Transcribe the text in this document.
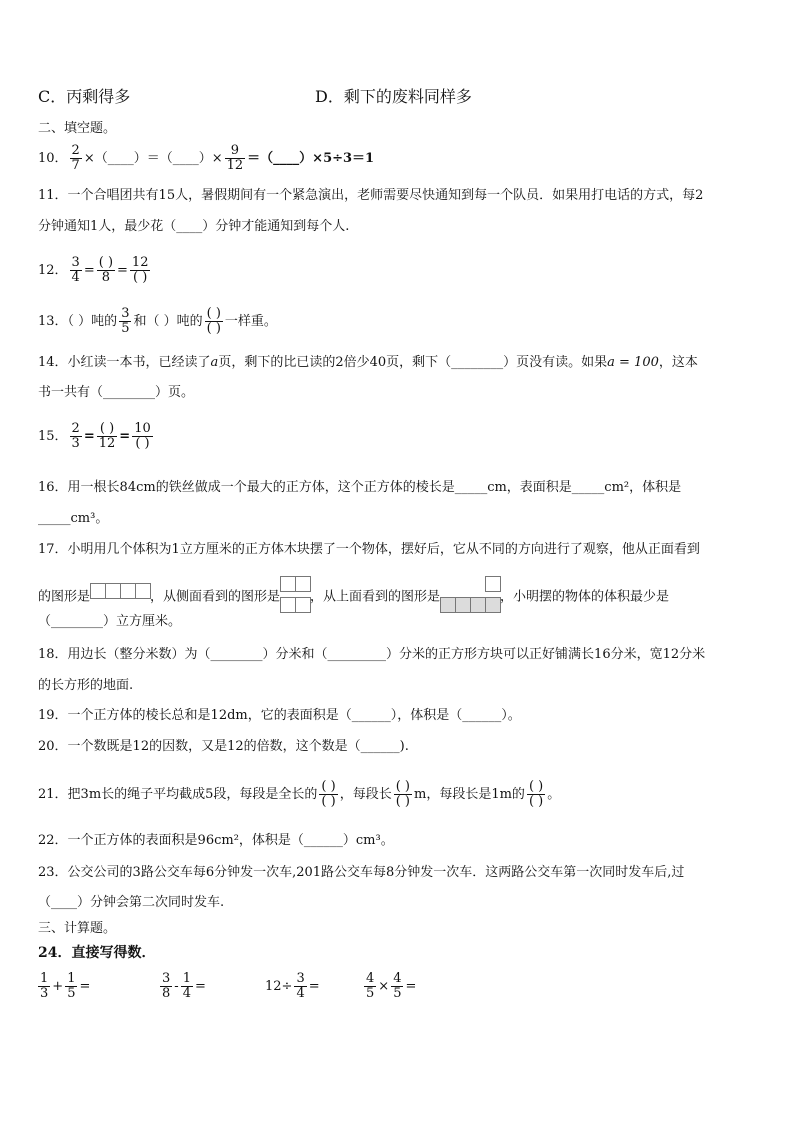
C．丙剩得多	D．剩下的废料同样多
二、填空题。
10． $\frac{2}{7}$ ×（____）＝（____）× $\frac{9}{12}$ ＝（____）×5÷3＝1
11．一个合唱团共有15人，暑假期间有一个紧急演出，老师需要尽快通知到每一个队员．如果用打电话的方式，每2
分钟通知1人，最少花（____）分钟才能通知到每个人.
12． $\frac{3}{4} = \frac{( )}{8} = \frac{12}{( )}$
13．（ ）吨的 $\frac{3}{5}$ 和（ ）吨的 $\frac{( )}{( )}$ 一样重。
14．小红读一本书，已经读了a页，剩下的比已读的2倍少40页，剩下（________）页没有读。如果a = 100，这本
书一共有（________）页。
15． $\frac{2}{3} = \frac{( )}{12} = \frac{10}{( )}$
16．用一根长84cm的铁丝做成一个最大的正方体，这个正方体的棱长是_____cm，表面积是_____cm²，体积是
_____cm³。
17．小明用几个体积为1立方厘米的正方体木块摆了一个物体，摆好后，它从不同的方向进行了观察，他从正面看到
的图形是	，从侧面看到的图形是 ，从上面看到的图形是	，小明摆的物体的体积最少是
（________）立方厘米。
18．用边长（整分米数）为（________）分米和（_________）分米的正方形方块可以正好铺满长16分米，宽12分米
的长方形的地面.
19．一个正方体的棱长总和是12dm，它的表面积是（______），体积是（______）。
20．一个数既是12的因数，又是12的倍数，这个数是（______).
21．把3m长的绳子平均截成5段，每段是全长的 $\frac{( )}{( )}$ ，每段长 $\frac{( )}{( )}$ m，每段长是1m的 $\frac{( )}{( )}$ 。
22．一个正方体的表面积是96cm²，体积是（______）cm³。
23．公交公司的3路公交车每6分钟发一次车,201路公交车每8分钟发一次车．这两路公交车第一次同时发车后,过
（____）分钟会第二次同时发车.
三、计算题。
24．直接写得数．
$\frac{1}{3} + \frac{1}{5}$ =	$\frac{3}{8} - \frac{1}{4}$ =	$12\div \frac{3}{4}$ =	$\frac{4}{5} \times \frac{4}{5}$ =
